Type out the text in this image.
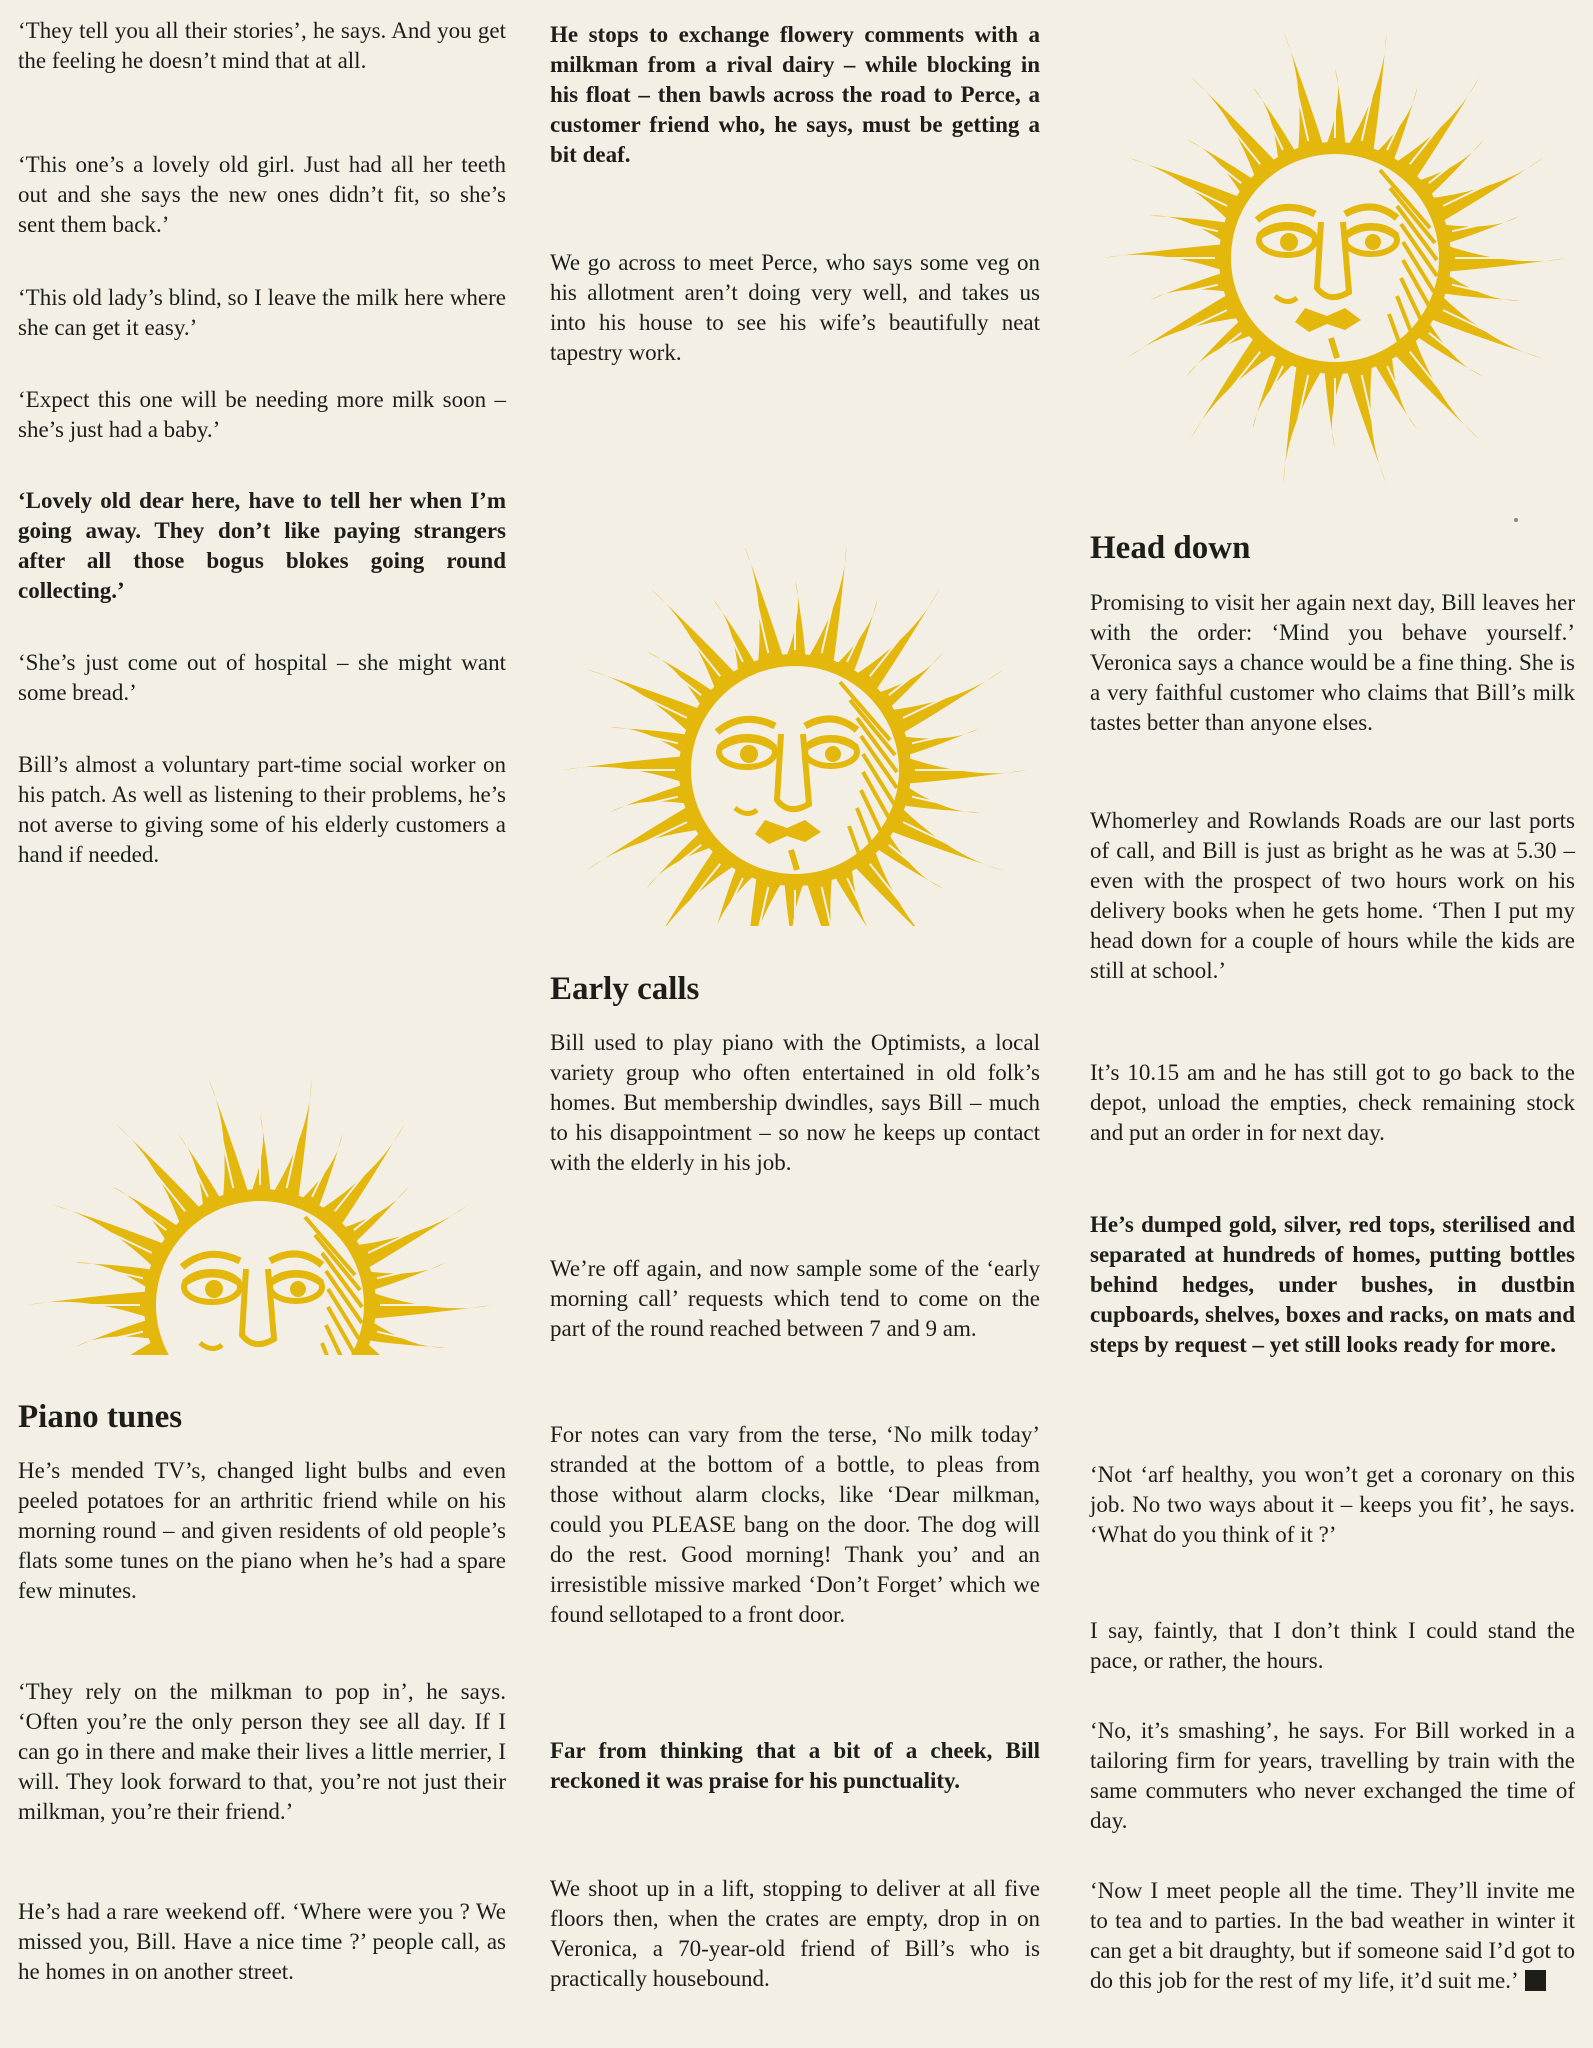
‘They tell you all their stories’, he says. And you get the feeling he doesn’t mind that at all.

‘This one’s a lovely old girl. Just had all her teeth out and she says the new ones didn’t fit, so she’s sent them back.’

‘This old lady’s blind, so I leave the milk here where she can get it easy.’

‘Expect this one will be needing more milk soon – she’s just had a baby.’

‘Lovely old dear here, have to tell her when I’m going away. They don’t like paying strangers after all those bogus blokes going round collecting.’

‘She’s just come out of hospital – she might want some bread.’

Bill’s almost a voluntary part-time social worker on his patch. As well as listening to their problems, he’s not averse to giving some of his elderly customers a hand if needed.

Piano tunes

He’s mended TV’s, changed light bulbs and even peeled potatoes for an arthritic friend while on his morning round – and given residents of old people’s flats some tunes on the piano when he’s had a spare few minutes.

‘They rely on the milkman to pop in’, he says. ‘Often you’re the only person they see all day. If I can go in there and make their lives a little merrier, I will. They look forward to that, you’re not just their milkman, you’re their friend.’

He’s had a rare weekend off. ‘Where were you ? We missed you, Bill. Have a nice time ?’ people call, as he homes in on another street.

He stops to exchange flowery comments with a milkman from a rival dairy – while blocking in his float – then bawls across the road to Perce, a customer friend who, he says, must be getting a bit deaf.

We go across to meet Perce, who says some veg on his allotment aren’t doing very well, and takes us into his house to see his wife’s beautifully neat tapestry work.

Early calls

Bill used to play piano with the Optimists, a local variety group who often entertained in old folk’s homes. But membership dwindles, says Bill – much to his disappointment – so now he keeps up contact with the elderly in his job.

We’re off again, and now sample some of the ‘early morning call’ requests which tend to come on the part of the round reached between 7 and 9 am.

For notes can vary from the terse, ‘No milk today’ stranded at the bottom of a bottle, to pleas from those without alarm clocks, like ‘Dear milkman, could you PLEASE bang on the door. The dog will do the rest. Good morning! Thank you’ and an irresistible missive marked ‘Don’t Forget’ which we found sellotaped to a front door.

Far from thinking that a bit of a cheek, Bill reckoned it was praise for his punctuality.

We shoot up in a lift, stopping to deliver at all five floors then, when the crates are empty, drop in on Veronica, a 70-year-old friend of Bill’s who is practically housebound.

Head down

Promising to visit her again next day, Bill leaves her with the order: ‘Mind you behave yourself.’ Veronica says a chance would be a fine thing. She is a very faithful customer who claims that Bill’s milk tastes better than anyone elses.

Whomerley and Rowlands Roads are our last ports of call, and Bill is just as bright as he was at 5.30 – even with the prospect of two hours work on his delivery books when he gets home. ‘Then I put my head down for a couple of hours while the kids are still at school.’

It’s 10.15 am and he has still got to go back to the depot, unload the empties, check remaining stock and put an order in for next day.

He’s dumped gold, silver, red tops, sterilised and separated at hundreds of homes, putting bottles behind hedges, under bushes, in dustbin cupboards, shelves, boxes and racks, on mats and steps by request – yet still looks ready for more.

‘Not ‘arf healthy, you won’t get a coronary on this job. No two ways about it – keeps you fit’, he says. ‘What do you think of it ?’

I say, faintly, that I don’t think I could stand the pace, or rather, the hours.

‘No, it’s smashing’, he says. For Bill worked in a tailoring firm for years, travelling by train with the same commuters who never exchanged the time of day.

‘Now I meet people all the time. They’ll invite me to tea and to parties. In the bad weather in winter it can get a bit draughty, but if someone said I’d got to do this job for the rest of my life, it’d suit me.’
